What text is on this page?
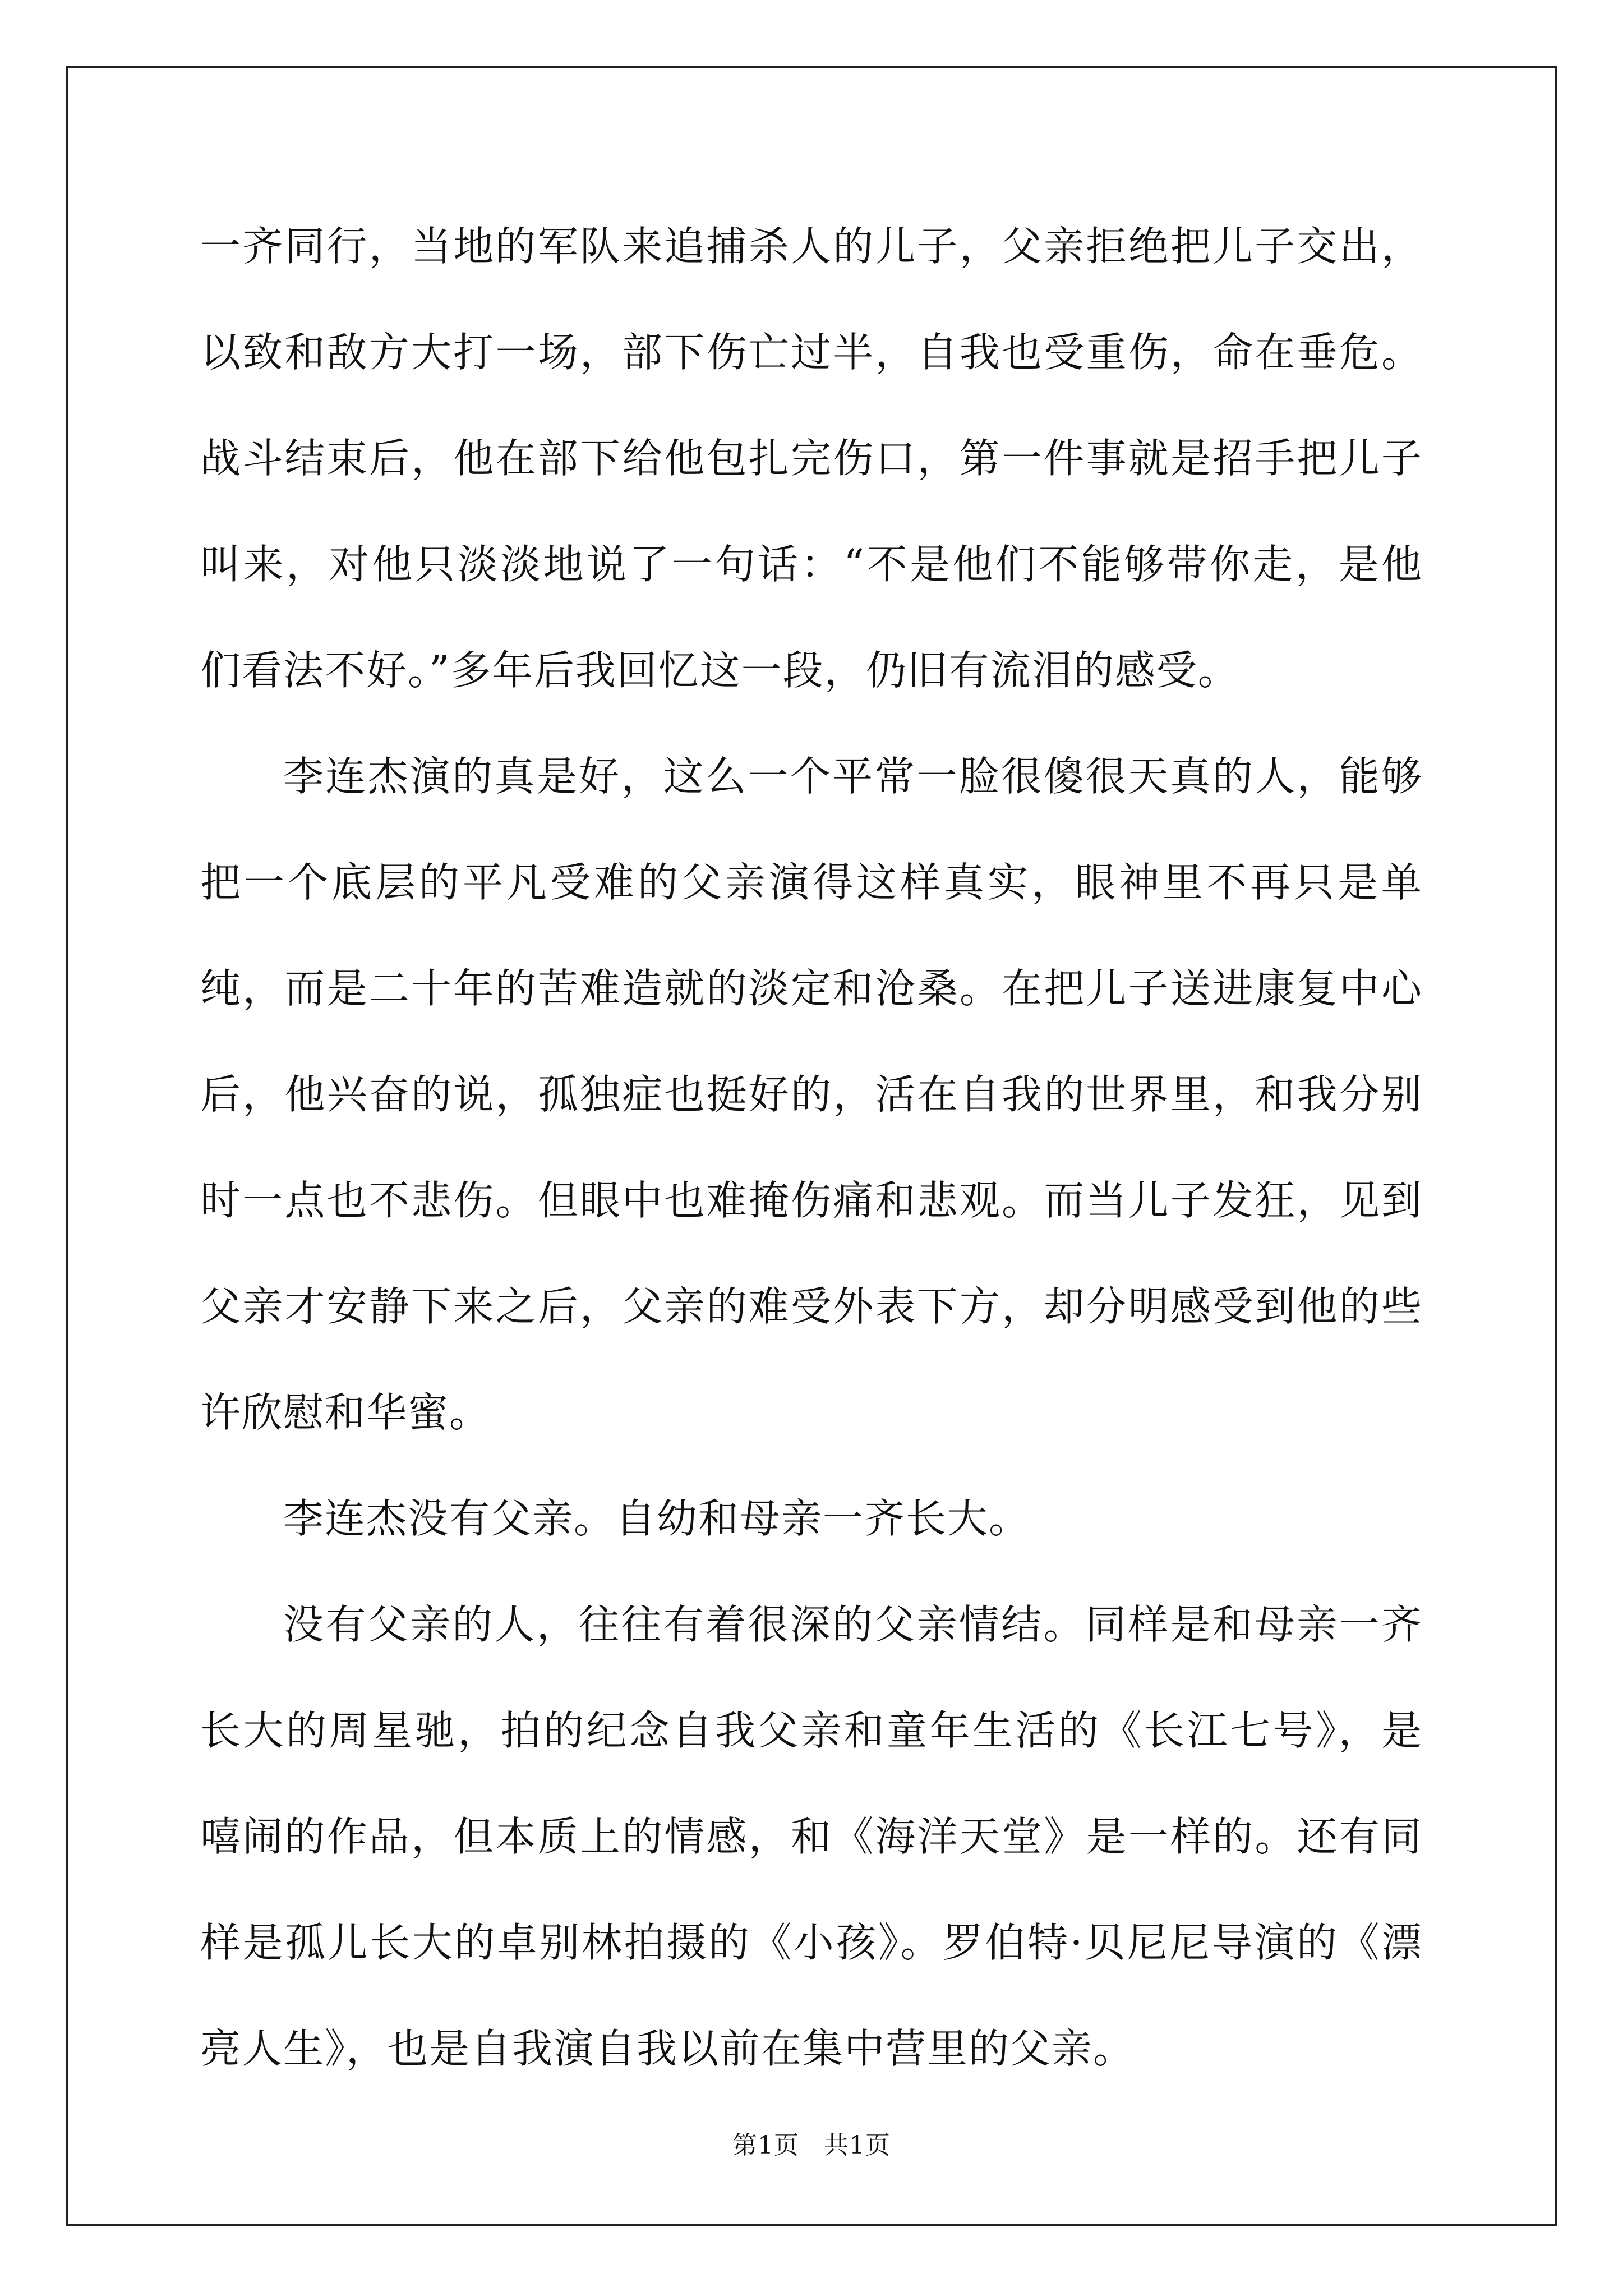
一齐同行，当地的军队来追捕杀人的儿子，父亲拒绝把儿子交出，以致和敌方大打一场，部下伤亡过半，自我也受重伤，命在垂危。战斗结束后，他在部下给他包扎完伤口，第一件事就是招手把儿子叫来，对他只淡淡地说了一句话：“不是他们不能够带你走，是他们看法不好。”多年后我回忆这一段，仍旧有流泪的感受。

李连杰演的真是好，这么一个平常一脸很傻很天真的人，能够把一个底层的平凡受难的父亲演得这样真实，眼神里不再只是单纯，而是二十年的苦难造就的淡定和沧桑。在把儿子送进康复中心后，他兴奋的说，孤独症也挺好的，活在自我的世界里，和我分别时一点也不悲伤。但眼中也难掩伤痛和悲观。而当儿子发狂，见到父亲才安静下来之后，父亲的难受外表下方，却分明感受到他的些许欣慰和华蜜。

李连杰没有父亲。自幼和母亲一齐长大。

没有父亲的人，往往有着很深的父亲情结。同样是和母亲一齐长大的周星驰，拍的纪念自我父亲和童年生活的《长江七号》，是嘻闹的作品，但本质上的情感，和《海洋天堂》是一样的。还有同样是孤儿长大的卓别林拍摄的《小孩》。罗伯特·贝尼尼导演的《漂亮人生》，也是自我演自我以前在集中营里的父亲。

第1页 共1页
